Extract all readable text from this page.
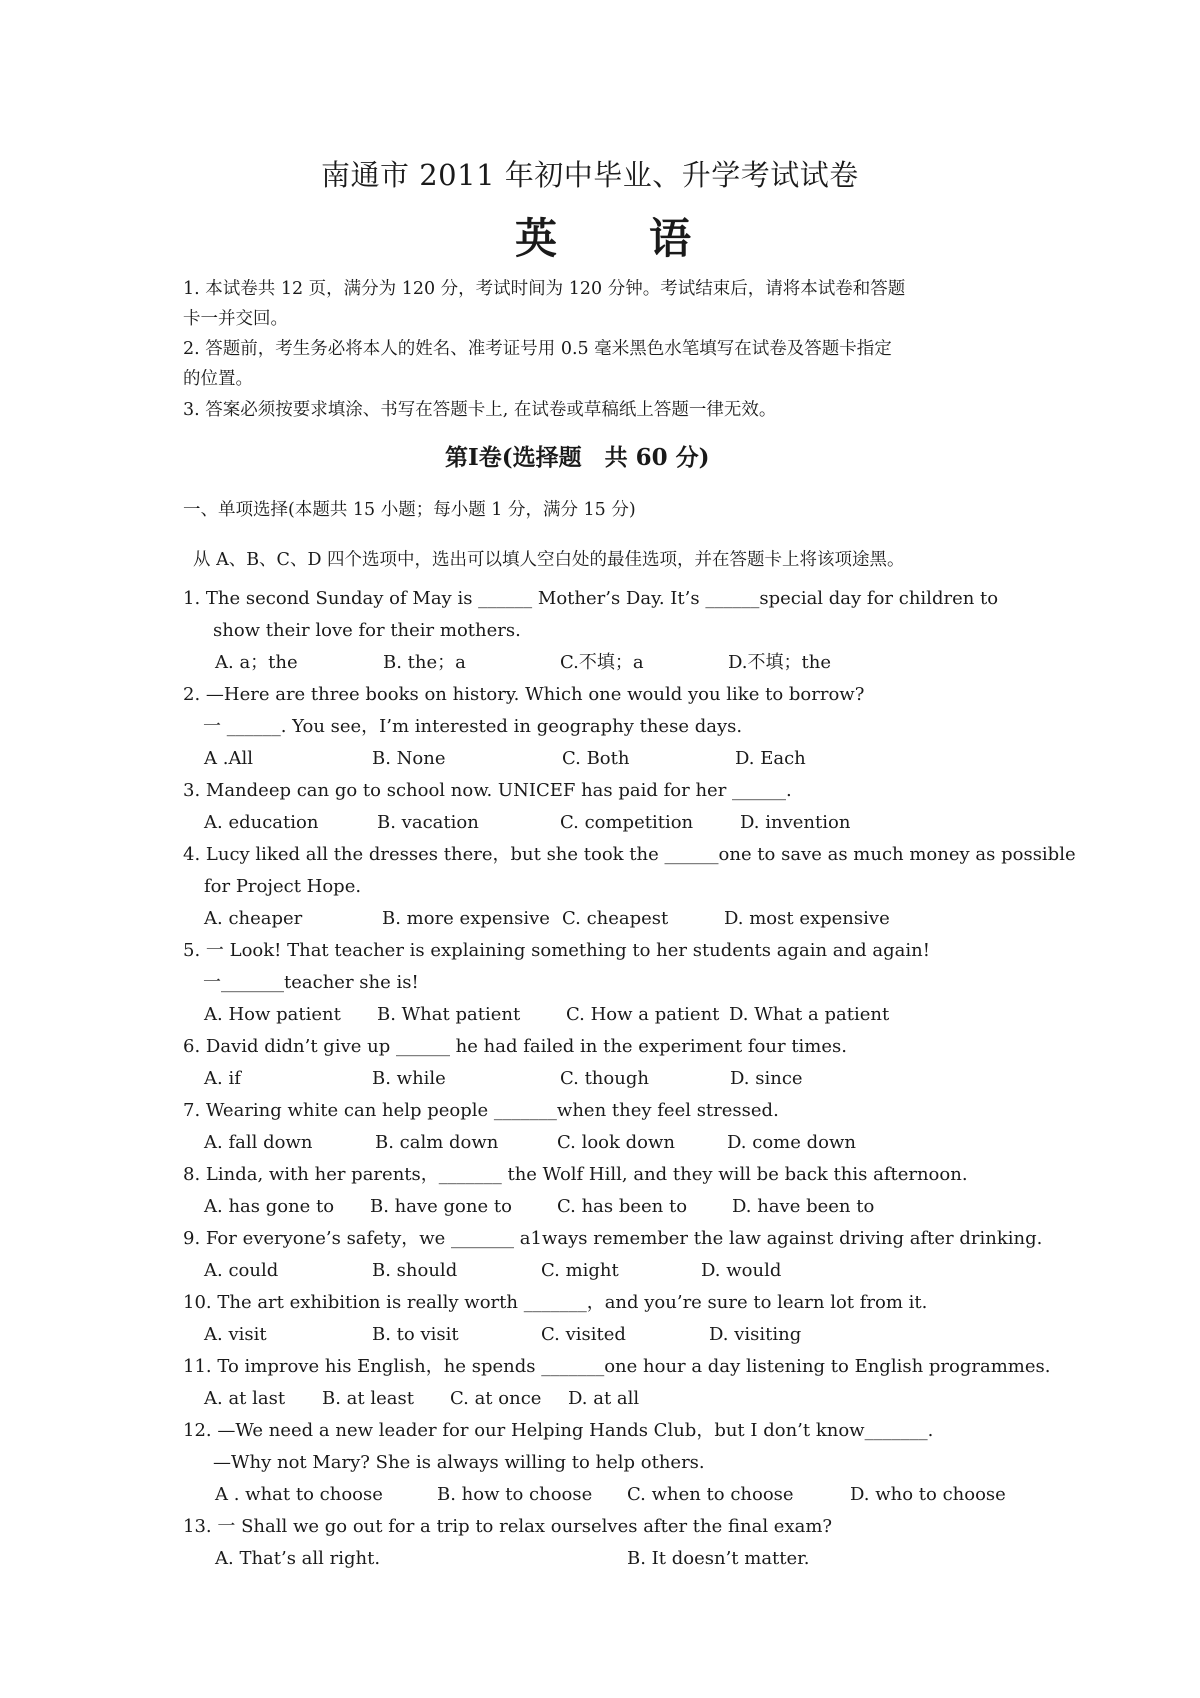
南通市 2011 年初中毕业、升学考试试卷
英 语
1. 本试卷共 12 页，满分为 120 分，考试时间为 120 分钟。考试结束后，请将本试卷和答题
卡一并交回。
2. 答题前，考生务必将本人的姓名、准考证号用 0.5 毫米黑色水笔填写在试卷及答题卡指定
的位置。
3. 答案必须按要求填涂、书写在答题卡上, 在试卷或草稿纸上答题一律无效。
第Ⅰ卷(选择题　共 60 分)
一、单项选择(本题共 15 小题；每小题 1 分，满分 15 分)
从 A、B、C、D 四个选项中，选出可以填人空白处的最佳选项，并在答题卡上将该项途黑。
1. The second Sunday of May is ______ Mother’s Day. It’s ______special day for children to
show their love for their mothers.
A. a；the	B. the；a	C.不填；a	D.不填；the
2. —Here are three books on history. Which one would you like to borrow?
一 ______. You see，I’m interested in geography these days.
A .All	B. None	C. Both	D. Each
3. Mandeep can go to school now. UNICEF has paid for her ______.
A. education	B. vacation	C. competition	D. invention
4. Lucy liked all the dresses there，but she took the ______one to save as much money as possible
for Project Hope.
A. cheaper	B. more expensive C. cheapest	D. most expensive
5. 一 Look! That teacher is explaining something to her students again and again!
一_______teacher she is!
A. How patient B. What patient	C. How a patient D. What a patient
6. David didn’t give up ______ he had failed in the experiment four times.
A. if	B. while	C. though	D. since
7. Wearing white can help people _______when they feel stressed.
A. fall down	B. calm down	C. look down	D. come down
8. Linda, with her parents，_______ the Wolf Hill, and they will be back this afternoon.
A. has gone to B. have gone to	C. has been to D. have been to
9. For everyone’s safety，we _______ a1ways remember the law against driving after drinking.
A. could	B. should	C. might	D. would
10. The art exhibition is really worth _______，and you’re sure to learn lot from it.
A. visit	B. to visit	C. visited	D. visiting
11. To improve his English，he spends _______one hour a day listening to English programmes.
A. at last B. at least C. at once D. at all
12. —We need a new leader for our Helping Hands Club，but I don’t know_______.
—Why not Mary? She is always willing to help others.
A . what to choose	B. how to choose C. when to choose	D. who to choose
13. 一 Shall we go out for a trip to relax ourselves after the final exam?
A. That’s all right.	B. It doesn’t matter.
